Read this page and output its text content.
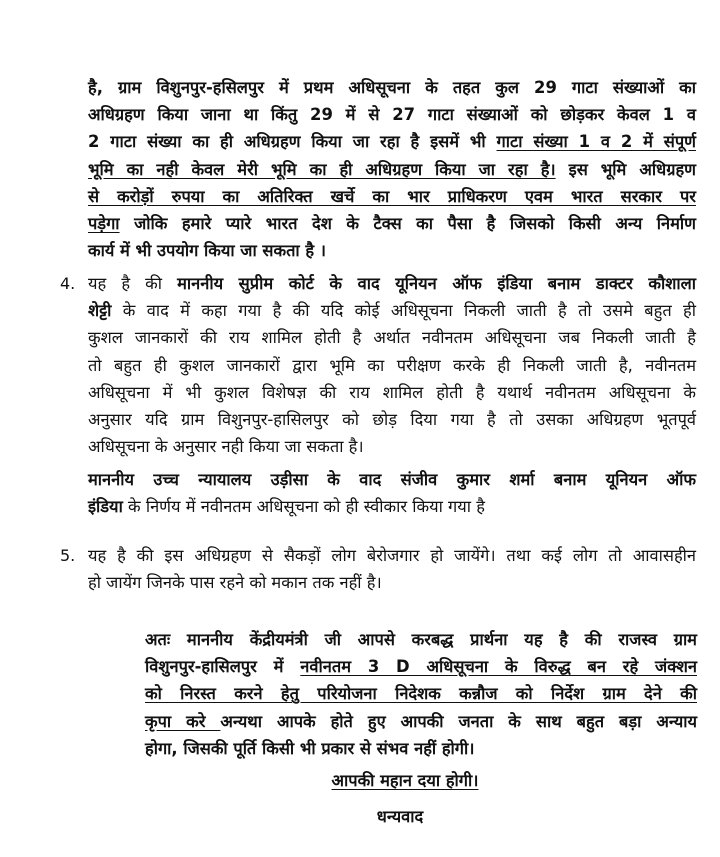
है, ग्राम विशुनपुर-हसिलपुर में प्रथम अधिसूचना के तहत कुल 29 गाटा संख्याओं का
अधिग्रहण किया जाना था किंतु 29 में से 27 गाटा संख्याओं को छोड़कर केवल 1 व
2 गाटा संख्या का ही अधिग्रहण किया जा रहा है इसमें भी गाटा संख्या 1 व 2 में संपूर्ण
भूमि का नही केवल मेरी भूमि का ही अधिग्रहण किया जा रहा है। इस भूमि अधिग्रहण
से करोड़ों रुपया का अतिरिक्त खर्चे का भार प्राधिकरण एवम भारत सरकार पर
पड़ेगा जोकि हमारे प्यारे भारत देश के टैक्स का पैसा है जिसको किसी अन्य निर्माण
कार्य में भी उपयोग किया जा सकता है ।
4. यह है की माननीय सुप्रीम कोर्ट के वाद यूनियन ऑफ इंडिया बनाम डाक्टर कौशाला
शेट्टी के वाद में कहा गया है की यदि कोई अधिसूचना निकली जाती है तो उसमे बहुत ही
कुशल जानकारों की राय शामिल होती है अर्थात नवीनतम अधिसूचना जब निकली जाती है
तो बहुत ही कुशल जानकारों द्वारा भूमि का परीक्षण करके ही निकली जाती है, नवीनतम
अधिसूचना में भी कुशल विशेषज्ञ की राय शामिल होती है यथार्थ नवीनतम अधिसूचना के
अनुसार यदि ग्राम विशुनपुर-हासिलपुर को छोड़ दिया गया है तो उसका अधिग्रहण भूतपूर्व
अधिसूचना के अनुसार नही किया जा सकता है।
माननीय उच्च न्यायालय उड़ीसा के वाद संजीव कुमार शर्मा बनाम यूनियन ऑफ
इंडिया के निर्णय में नवीनतम अधिसूचना को ही स्वीकार किया गया है
5. यह है की इस अधिग्रहण से सैकड़ों लोग बेरोजगार हो जायेंगे। तथा कई लोग तो आवासहीन
हो जायेंग जिनके पास रहने को मकान तक नहीं है।
अतः माननीय केंद्रीयमंत्री जी आपसे करबद्ध प्रार्थना यह है की राजस्व ग्राम
विशुनपुर-हासिलपुर में नवीनतम 3 D अधिसूचना के विरुद्ध बन रहे जंक्शन
को निरस्त करने हेतु परियोजना निदेशक कन्नौज को निर्देश ग्राम देने की
कृपा करे अन्यथा आपके होते हुए आपकी जनता के साथ बहुत बड़ा अन्याय
होगा, जिसकी पूर्ति किसी भी प्रकार से संभव नहीं होगी।
आपकी महान दया होगी।
धन्यवाद
